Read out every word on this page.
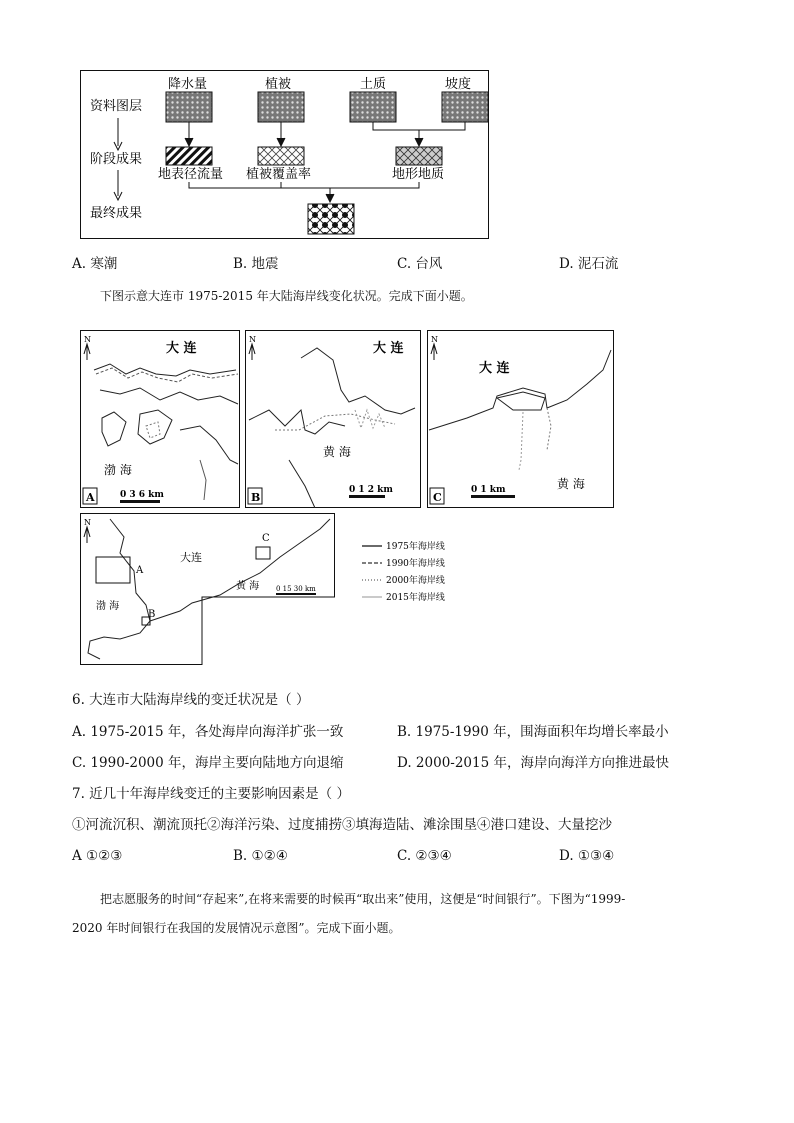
资料图层
阶段成果
最终成果
降水量	植被	土质	坡度
地表径流量 植被覆盖率	地形地质
A. 寒潮	B. 地震	C. 台风	D. 泥石流
下图示意大连市 1975-2015 年大陆海岸线变化状况。完成下面小题。
N
大 连
渤 海
A	0 3 6 km
N
大 连
黄 海
B
0 1 2 km
N
大 连
黄 海
C
0 1 km
N
大连
A
渤 海
B
黄 海
C
0 15 30 km
1975年海岸线
1990年海岸线
2000年海岸线
2015年海岸线
6. 大连市大陆海岸线的变迁状况是（ ）
A. 1975-2015 年，各处海岸向海洋扩张一致	B. 1975-1990 年，围海面积年均增长率最小
C. 1990-2000 年，海岸主要向陆地方向退缩	D. 2000-2015 年，海岸向海洋方向推进最快
7. 近几十年海岸线变迁的主要影响因素是（ ）
①河流沉积、潮流顶托②海洋污染、过度捕捞③填海造陆、滩涂围垦④港口建设、大量挖沙
A ①②③	B. ①②④	C. ②③④	D. ①③④
把志愿服务的时间“存起来”,在将来需要的时候再“取出来”使用，这便是“时间银行”。下图为“1999-
2020 年时间银行在我国的发展情况示意图”。完成下面小题。
